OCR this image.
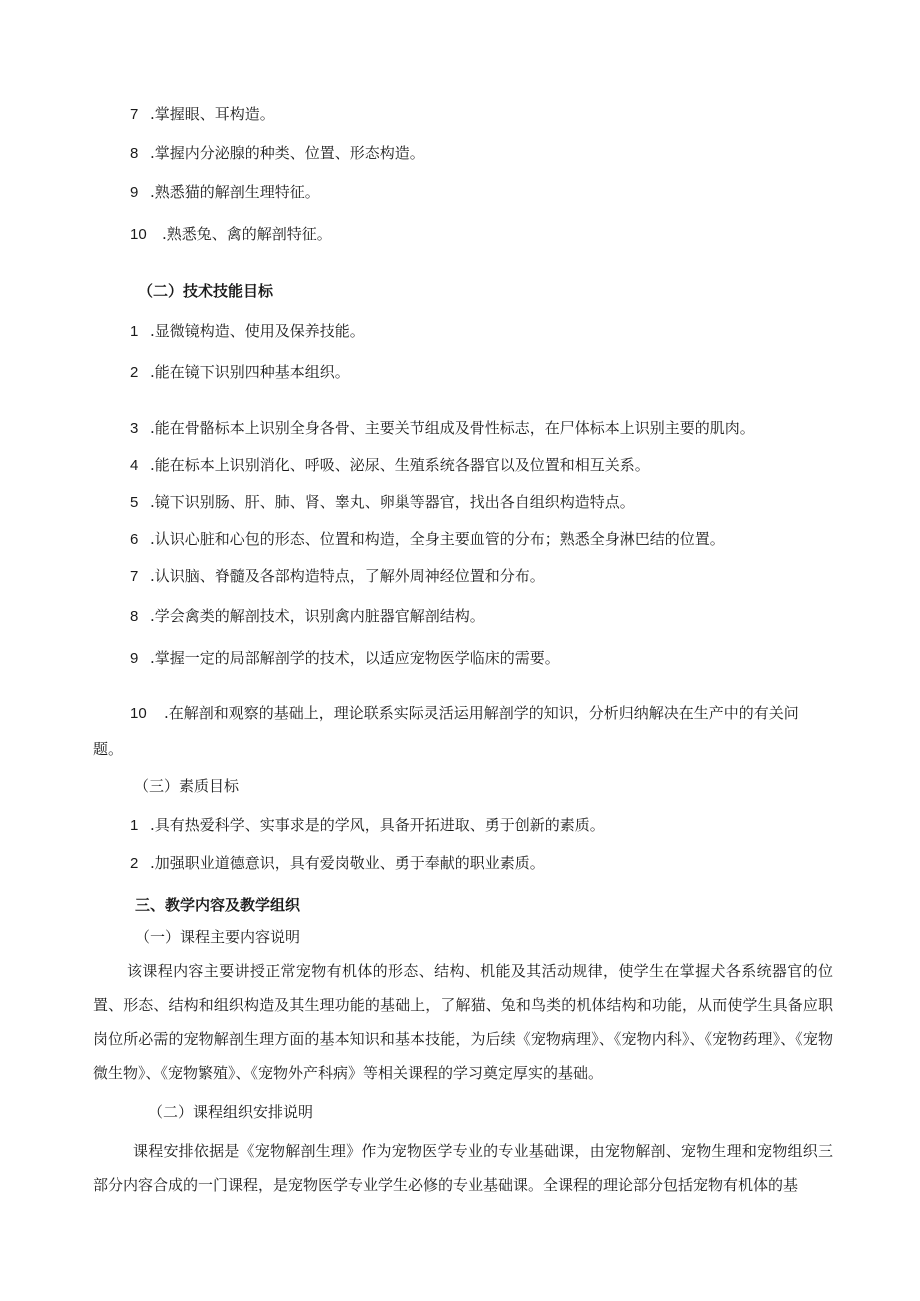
7 .掌握眼、耳构造。
8 .掌握内分泌腺的种类、位置、形态构造。
9 .熟悉猫的解剖生理特征。
10 .熟悉兔、禽的解剖特征。
（二）技术技能目标
1 .显微镜构造、使用及保养技能。
2 .能在镜下识别四种基本组织。
3 .能在骨骼标本上识别全身各骨、主要关节组成及骨性标志，在尸体标本上识别主要的肌肉。
4 .能在标本上识别消化、呼吸、泌尿、生殖系统各器官以及位置和相互关系。
5 .镜下识别肠、肝、肺、肾、睾丸、卵巢等器官，找出各自组织构造特点。
6 .认识心脏和心包的形态、位置和构造，全身主要血管的分布；熟悉全身淋巴结的位置。
7 .认识脑、脊髓及各部构造特点，了解外周神经位置和分布。
8 .学会禽类的解剖技术，识别禽内脏器官解剖结构。
9 .掌握一定的局部解剖学的技术，以适应宠物医学临床的需要。
10 .在解剖和观察的基础上，理论联系实际灵活运用解剖学的知识，分析归纳解决在生产中的有关问
题。
（三）素质目标
1 .具有热爱科学、实事求是的学风，具备开拓进取、勇于创新的素质。
2 .加强职业道德意识，具有爱岗敬业、勇于奉献的职业素质。
三、教学内容及教学组织
（一）课程主要内容说明
该课程内容主要讲授正常宠物有机体的形态、结构、机能及其活动规律，使学生在掌握犬各系统器官的位置、形态、结构和组织构造及其生理功能的基础上，了解猫、兔和鸟类的机体结构和功能，从而使学生具备应职岗位所必需的宠物解剖生理方面的基本知识和基本技能，为后续《宠物病理》、《宠物内科》、《宠物药理》、《宠物微生物》、《宠物繁殖》、《宠物外产科病》等相关课程的学习奠定厚实的基础。
（二）课程组织安排说明
课程安排依据是《宠物解剖生理》作为宠物医学专业的专业基础课，由宠物解剖、宠物生理和宠物组织三部分内容合成的一门课程，是宠物医学专业学生必修的专业基础课。全课程的理论部分包括宠物有机体的基
